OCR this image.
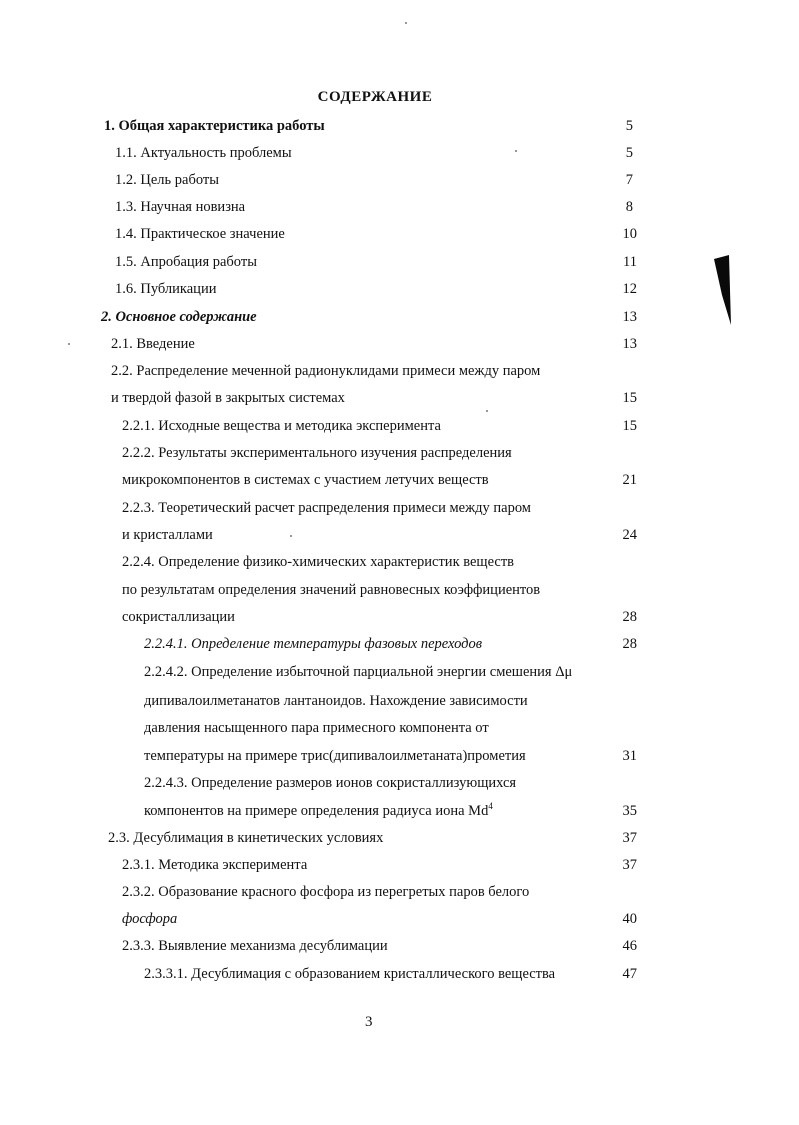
СОДЕРЖАНИЕ
1. Общая характеристика работы	5
1.1. Актуальность проблемы	5
1.2. Цель работы	7
1.3. Научная новизна	8
1.4. Практическое значение	10
1.5. Апробация работы	11
1.6. Публикации	12
2. Основное содержание	13
2.1. Введение	13
2.2. Распределение меченной радионуклидами примеси между паром
и твердой фазой в закрытых системах	15
2.2.1. Исходные вещества и методика эксперимента	15
2.2.2. Результаты экспериментального изучения распределения
микрокомпонентов в системах с участием летучих веществ	21
2.2.3. Теоретический расчет распределения примеси между паром
и кристаллами	24
2.2.4. Определение физико-химических характеристик веществ
по результатам определения значений равновесных коэффициентов
сокристаллизации	28
2.2.4.1. Определение температуры фазовых переходов	28
2.2.4.2. Определение избыточной парциальной энергии смешения Δμ
дипивалоилметанатов лантаноидов. Нахождение зависимости
давления насыщенного пара примесного компонента от
температуры на примере трис(дипивалоилметаната)прометия	31
2.2.4.3. Определение размеров ионов сокристаллизующихся
компонентов на примере определения радиуса иона Md$^4$	35
2.3. Десублимация в кинетических условиях	37
2.3.1. Методика эксперимента	37
2.3.2. Образование красного фосфора из перегретых паров белого
фосфора	40
2.3.3. Выявление механизма десублимации	46
2.3.3.1. Десублимация с образованием кристаллического вещества	47
3
